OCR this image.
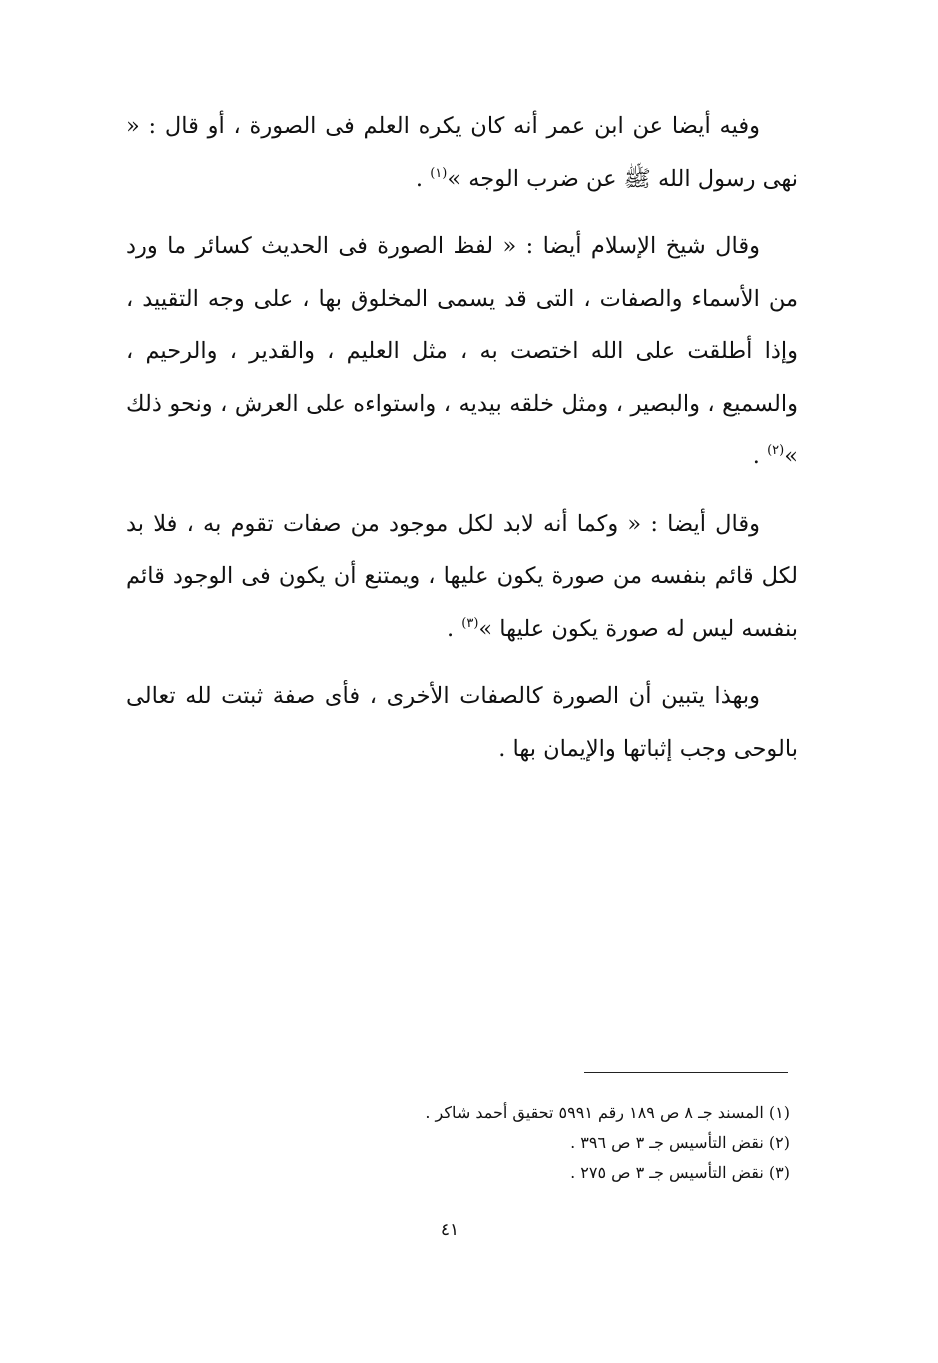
وفيه أيضا عن ابن عمر أنه كان يكره العلم فى الصورة ، أو قال : « نهى رسول الله ﷺ عن ضرب الوجه »$^{(١)}$ .

وقال شيخ الإسلام أيضا : « لفظ الصورة فى الحديث كسائر ما ورد من الأسماء والصفات ، التى قد يسمى المخلوق بها ، على وجه التقييد ، وإذا أطلقت على الله اختصت به ، مثل العليم ، والقدير ، والرحيم ، والسميع ، والبصير ، ومثل خلقه بيديه ، واستواءه على العرش ، ونحو ذلك »$^{(٢)}$ .

وقال أيضا : « وكما أنه لابد لكل موجود من صفات تقوم به ، فلا بد لكل قائم بنفسه من صورة يكون عليها ، ويمتنع أن يكون فى الوجود قائم بنفسه ليس له صورة يكون عليها »$^{(٣)}$ .

وبهذا يتبين أن الصورة كالصفات الأخرى ، فأى صفة ثبتت لله تعالى بالوحى وجب إثباتها والإيمان بها .

(١) المسند جـ ٨ ص ١٨٩ رقم ٥٩٩١ تحقيق أحمد شاكر .
(٢) نقض التأسيس جـ ٣ ص ٣٩٦ .
(٣) نقض التأسيس جـ ٣ ص ٢٧٥ .
٤١
